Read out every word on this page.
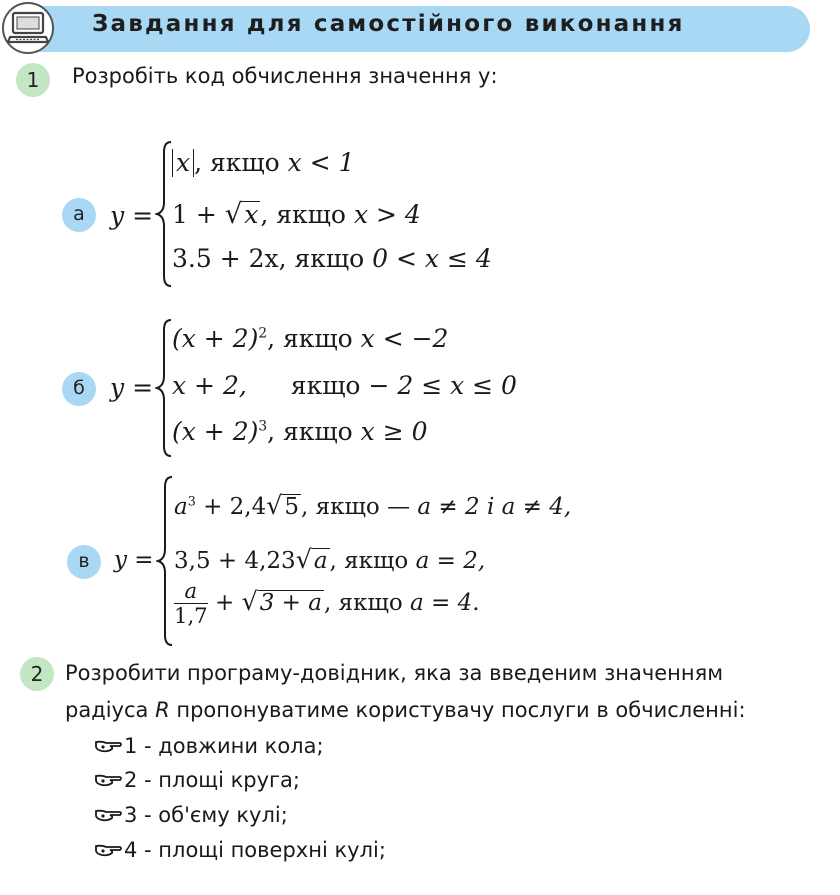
Завдання для самостійного виконання
1	Розробіть код обчислення значення у:
а	y =
x , якщо x < 1
1 + √x, якщо x > 4
3.5 + 2x, якщо 0 < x ≤ 4
б	y =
$(x + 2)^2$, якщо x < −2
x + 2, якщо − 2 ≤ x ≤ 0
$(x + 2)^3$, якщо x ≥ 0
в	y =
$a^3 + 2,4√5$, якщо — a ≠ 2 і a ≠ 4,
3,5 + 4,23√a, якщо a = 2,
$\frac{a}{1,7} + √3 + a$, якщо a = 4.
2	Розробити програму-довідник, яка за введеним значенням
радіуса R пропонуватиме користувачу послуги в обчисленні:
1 - довжини кола;
2 - площі круга;
3 - об'єму кулі;
4 - площі поверхні кулі;
